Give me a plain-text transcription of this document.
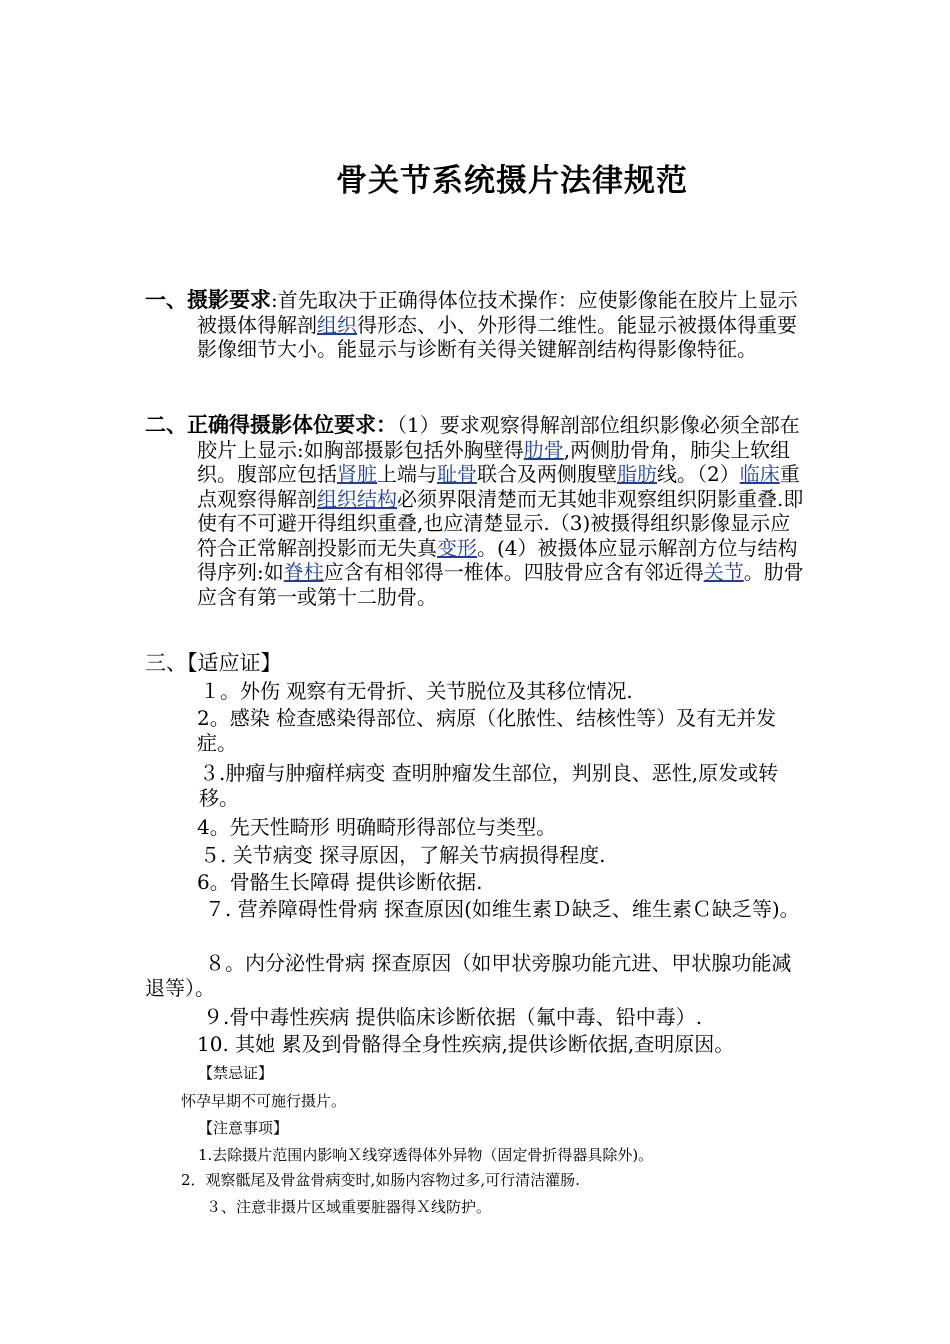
骨关节系统摄片法律规范
一、摄影要求:首先取决于正确得体位技术操作：应使影像能在胶片上显示被摄体得解剖组织得形态、小、外形得二维性。能显示被摄体得重要影像细节大小。能显示与诊断有关得关键解剖结构得影像特征。
二、正确得摄影体位要求：（1）要求观察得解剖部位组织影像必须全部在胶片上显示:如胸部摄影包括外胸壁得肋骨,两侧肋骨角，肺尖上软组织。腹部应包括肾脏上端与耻骨联合及两侧腹壁脂肪线。（2）临床重点观察得解剖组织结构必须界限清楚而无其她非观察组织阴影重叠.即使有不可避开得组织重叠,也应清楚显示.（3)被摄得组织影像显示应符合正常解剖投影而无失真变形。(4）被摄体应显示解剖方位与结构得序列:如脊柱应含有相邻得一椎体。四肢骨应含有邻近得关节。肋骨应含有第一或第十二肋骨。
三、【适应证】
１。外伤 观察有无骨折、关节脱位及其移位情况.
2。感染 检查感染得部位、病原（化脓性、结核性等）及有无并发症。
３.肿瘤与肿瘤样病变 查明肿瘤发生部位，判别良、恶性,原发或转移。
4。先天性畸形 明确畸形得部位与类型。
５. 关节病变 探寻原因，了解关节病损得程度.
6。骨骼生长障碍 提供诊断依据.
７. 营养障碍性骨病 探查原因(如维生素Ｄ缺乏、维生素Ｃ缺乏等)。
８。内分泌性骨病 探查原因（如甲状旁腺功能亢进、甲状腺功能减退等）。
９.骨中毒性疾病 提供临床诊断依据（氟中毒、铅中毒）.
10. 其她 累及到骨骼得全身性疾病,提供诊断依据,查明原因。
【禁忌证】
怀孕早期不可施行摄片。
【注意事项】
1.去除摄片范围内影响Ｘ线穿透得体外异物（固定骨折得器具除外)。
2．观察骶尾及骨盆骨病变时,如肠内容物过多,可行清洁灌肠.
３、注意非摄片区域重要脏器得Ｘ线防护。
